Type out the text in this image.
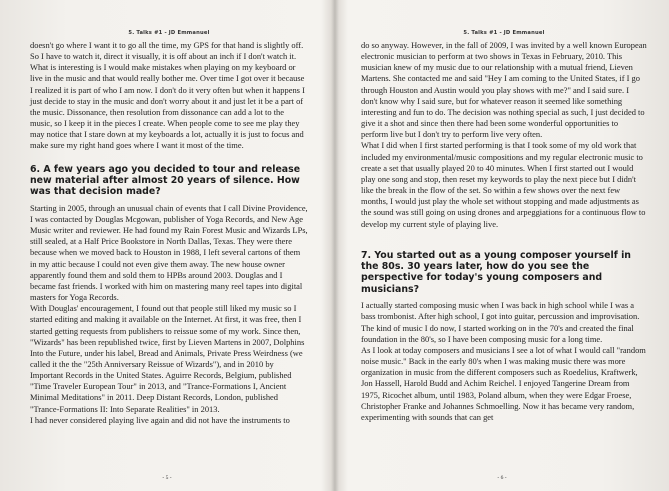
5. Talks #1 - JD Emmanuel

doesn't go where I want it to go all the time, my GPS for that hand is slightly off. So I have to watch it, direct it visually, it is off about an inch if I don't watch it. What is interesting is I would make mistakes when playing on my keyboard or live in the music and that would really bother me. Over time I got over it because I realized it is part of who I am now. I don't do it very often but when it happens I just decide to stay in the music and don't worry about it and just let it be a part of the music. Dissonance, then resolution from dissonance can add a lot to the music, so I keep it in the pieces I create. When people come to see me play they may notice that I stare down at my keyboards a lot, actually it is just to focus and make sure my right hand goes where I want it most of the time.

6. A few years ago you decided to tour and release new material after almost 20 years of silence. How was that decision made?

Starting in 2005, through an unusual chain of events that I call Divine Providence, I was contacted by Douglas Mcgowan, publisher of Yoga Records, and New Age Music writer and reviewer. He had found my Rain Forest Music and Wizards LPs, still sealed, at a Half Price Bookstore in North Dallas, Texas. They were there because when we moved back to Houston in 1988, I left several cartons of them in my attic because I could not even give them away. The new house owner apparently found them and sold them to HPBs around 2003. Douglas and I became fast friends. I worked with him on mastering many reel tapes into digital masters for Yoga Records.

With Douglas' encouragement, I found out that people still liked my music so I started editing and making it available on the Internet. At first, it was free, then I started getting requests from publishers to reissue some of my work. Since then, "Wizards" has been republished twice, first by Lieven Martens in 2007, Dolphins Into the Future, under his label, Bread and Animals, Private Press Weirdness (we called it the the "25th Anniversary Reissue of Wizards"), and in 2010 by Important Records in the United States. Aguirre Records, Belgium, published "Time Traveler European Tour" in 2013, and "Trance-Formations I, Ancient Minimal Meditations" in 2011. Deep Distant Records, London, published "Trance-Formations II: Into Separate Realities" in 2013.

I had never considered playing live again and did not have the instruments to

- 5 -
5. Talks #1 - JD Emmanuel

do so anyway. However, in the fall of 2009, I was invited by a well known European electronic musician to perform at two shows in Texas in February, 2010. This musician knew of my music due to our relationship with a mutual friend, Lieven Martens. She contacted me and said "Hey I am coming to the United States, if I go through Houston and Austin would you play shows with me?" and I said sure. I don't know why I said sure, but for whatever reason it seemed like something interesting and fun to do. The decision was nothing special as such, I just decided to give it a shot and since then there had been some wonderful opportunities to perform live but I don't try to perform live very often.

What I did when I first started performing is that I took some of my old work that included my environmental/music compositions and my regular electronic music to create a set that usually played 20 to 40 minutes. When I first started out I would play one song and stop, then reset my keywords to play the next piece but I didn't like the break in the flow of the set. So within a few shows over the next few months, I would just play the whole set without stopping and made adjustments as the sound was still going on using drones and arpeggiations for a continuous flow to develop my current style of playing live.

7. You started out as a young composer yourself in the 80s. 30 years later, how do you see the perspective for today's young composers and musicians?

I actually started composing music when I was back in high school while I was a bass trombonist. After high school, I got into guitar, percussion and improvisation. The kind of music I do now, I started working on in the 70's and created the final foundation in the 80's, so I have been composing music for a long time.

As I look at today composers and musicians I see a lot of what I would call "random noise music." Back in the early 80's when I was making music there was more organization in music from the different composers such as Roedelius, Kraftwerk, Jon Hassell, Harold Budd and Achim Reichel. I enjoyed Tangerine Dream from 1975, Ricochet album, until 1983, Poland album, when they were Edgar Froese, Christopher Franke and Johannes Schmoelling. Now it has became very random, experimenting with sounds that can get

- 6 -
